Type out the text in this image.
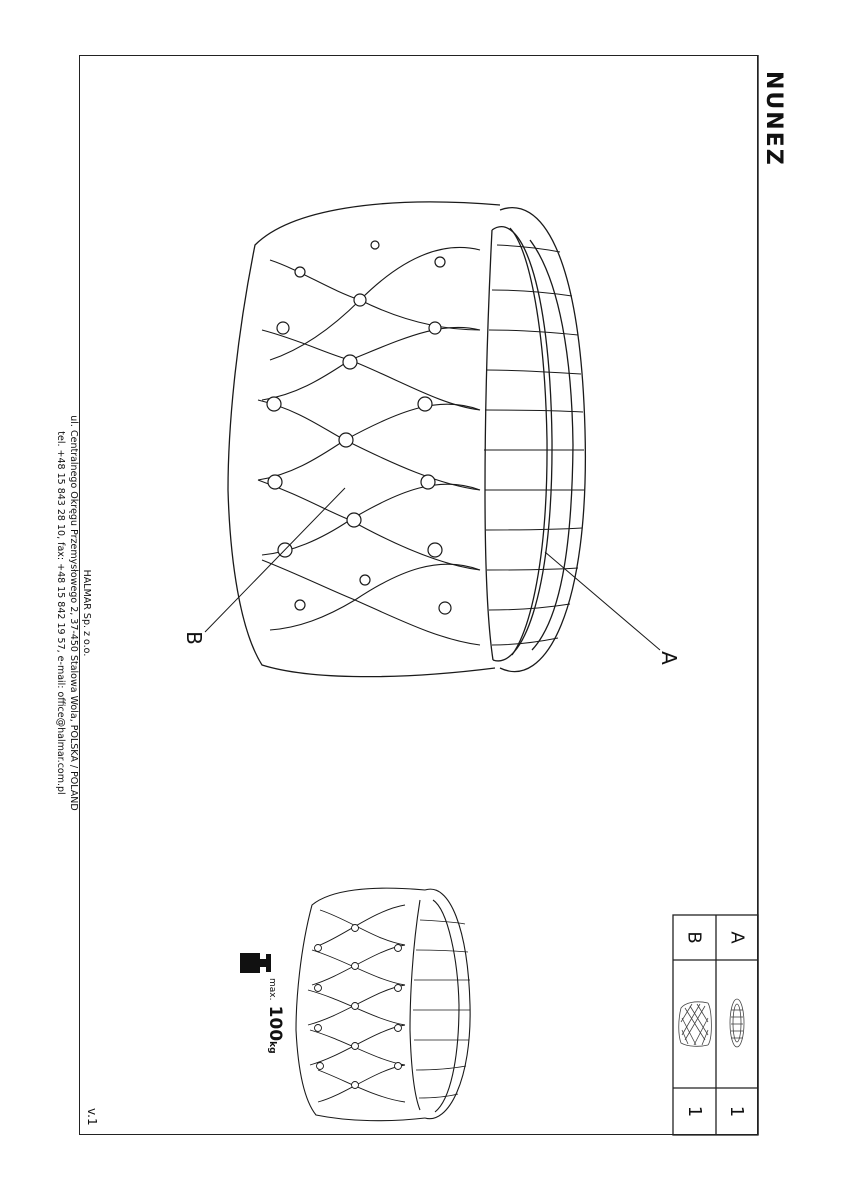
NUNEZ
HALMAR Sp. z o.o.
ul. Centralnego Okręgu Przemysłowego 2, 37-450 Stalowa Wola, POLSKA / POLAND
tel. +48 15 843 28 10, fax: +48 15 842 19 57, e-mail: office@halmar.com.pl
v.1
max. 100kg
A
B
A
B
1
1
